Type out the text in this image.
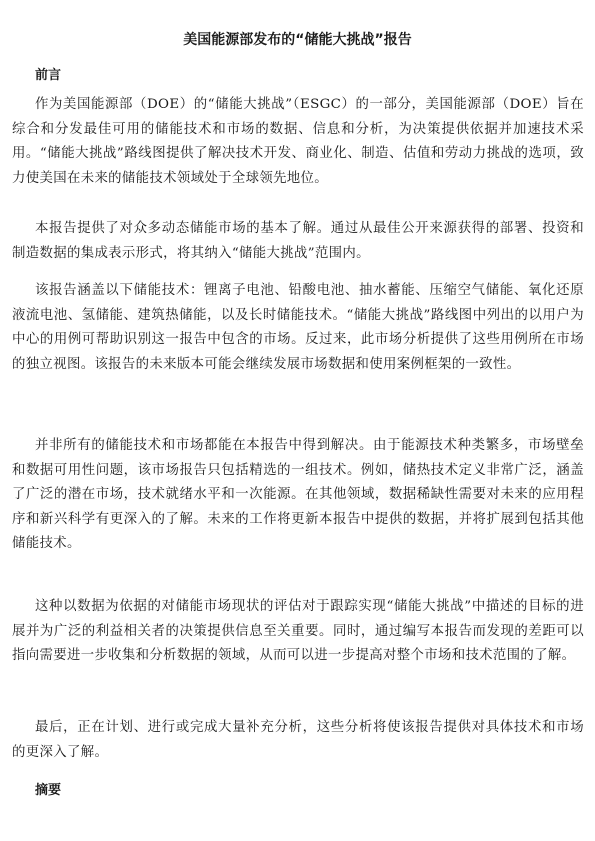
美国能源部发布的“储能大挑战”报告
前言

作为美国能源部（DOE）的“储能大挑战”（ESGC）的一部分，美国能源部（DOE）旨在综合和分发最佳可用的储能技术和市场的数据、信息和分析，为决策提供依据并加速技术采用。“储能大挑战”路线图提供了解决技术开发、商业化、制造、估值和劳动力挑战的选项，致力使美国在未来的储能技术领域处于全球领先地位。

本报告提供了对众多动态储能市场的基本了解。通过从最佳公开来源获得的部署、投资和制造数据的集成表示形式，将其纳入“储能大挑战”范围内。

该报告涵盖以下储能技术：锂离子电池、铅酸电池、抽水蓄能、压缩空气储能、氧化还原液流电池、氢储能、建筑热储能，以及长时储能技术。“储能大挑战”路线图中列出的以用户为中心的用例可帮助识别这一报告中包含的市场。反过来，此市场分析提供了这些用例所在市场的独立视图。该报告的未来版本可能会继续发展市场数据和使用案例框架的一致性。

并非所有的储能技术和市场都能在本报告中得到解决。由于能源技术种类繁多，市场壁垒和数据可用性问题，该市场报告只包括精选的一组技术。例如，储热技术定义非常广泛，涵盖了广泛的潜在市场，技术就绪水平和一次能源。在其他领域，数据稀缺性需要对未来的应用程序和新兴科学有更深入的了解。未来的工作将更新本报告中提供的数据，并将扩展到包括其他储能技术。

这种以数据为依据的对储能市场现状的评估对于跟踪实现“储能大挑战”中描述的目标的进展并为广泛的利益相关者的决策提供信息至关重要。同时，通过编写本报告而发现的差距可以指向需要进一步收集和分析数据的领域，从而可以进一步提高对整个市场和技术范围的了解。

最后，正在计划、进行或完成大量补充分析，这些分析将使该报告提供对具体技术和市场的更深入了解。

摘要
